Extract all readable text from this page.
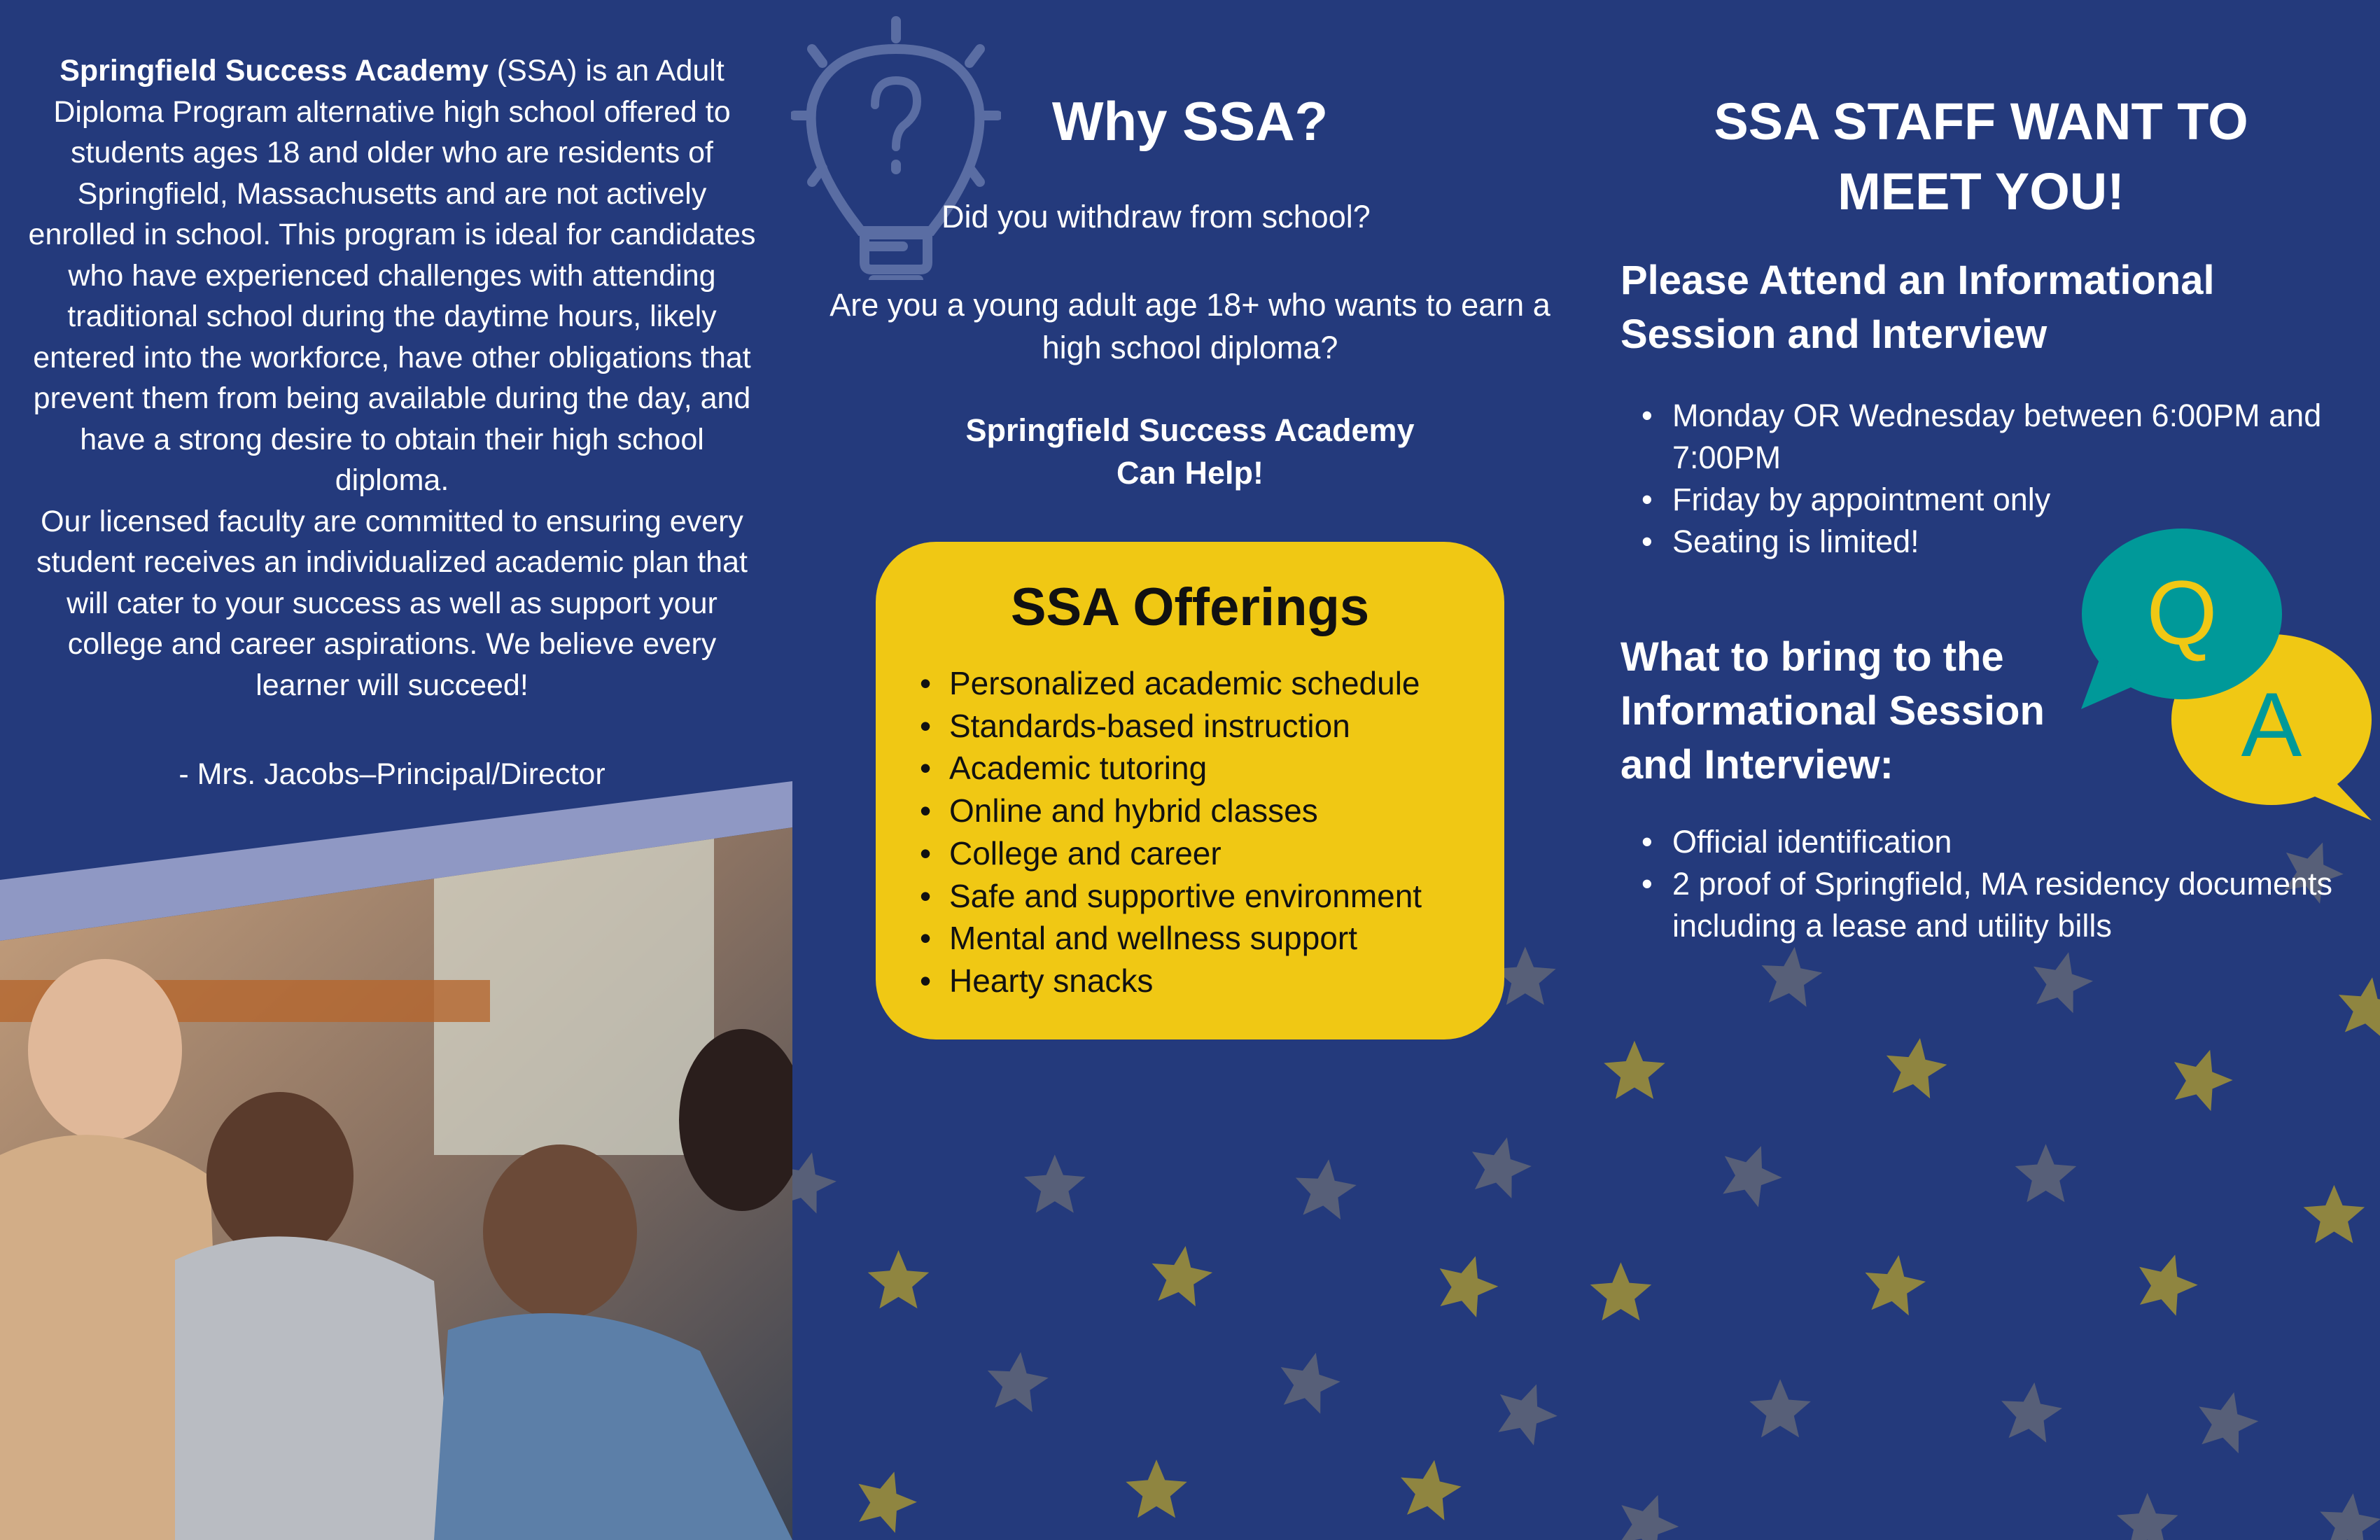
Springfield Success Academy (SSA) is an Adult Diploma Program alternative high school offered to students ages 18 and older who are residents of Springfield, Massachusetts and are not actively enrolled in school. This program is ideal for candidates who have experienced challenges with attending traditional school during the daytime hours, likely entered into the workforce, have other obligations that prevent them from being available during the day, and have a strong desire to obtain their high school diploma.
Our licensed faculty are committed to ensuring every student receives an individualized academic plan that will cater to your success as well as support your college and career aspirations. We believe every learner will succeed!
- Mrs. Jacobs–Principal/Director
Why SSA?
Did you withdraw from school?
Are you a young adult age 18+ who wants to earn a high school diploma?
Springfield Success Academy
Can Help!
SSA Offerings
• Personalized academic schedule
• Standards-based instruction
• Academic tutoring
• Online and hybrid classes
• College and career
• Safe and supportive environment
• Mental and wellness support
• Hearty snacks
SSA STAFF WANT TO
MEET YOU!
Please Attend an Informational Session and Interview
• Monday OR Wednesday between 6:00PM and 7:00PM
• Friday by appointment only
• Seating is limited!
What to bring to the Informational Session and Interview:
• Official identification
• 2 proof of Springfield, MA residency documents including a lease and utility bills
Q
A
